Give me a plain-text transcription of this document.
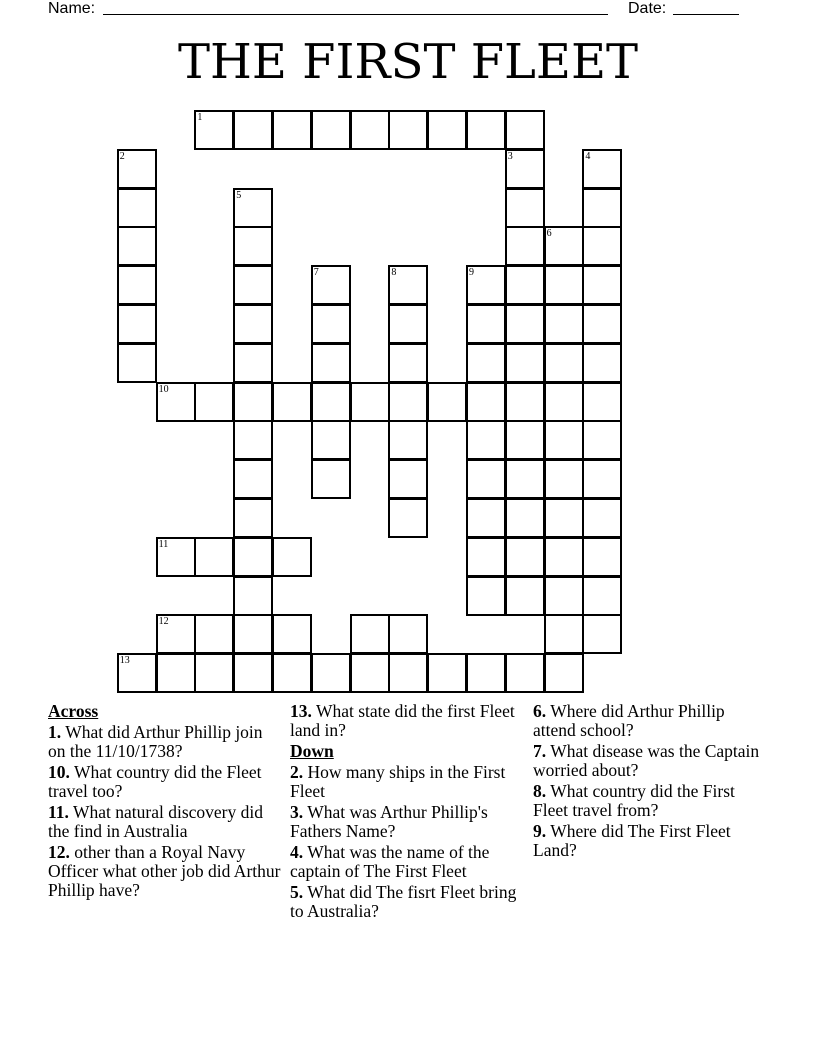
Name:	Date:
THE FIRST FLEET
1
2	3	4
6
5
7	8	9
10
11
12
13
Across
1. What did Arthur Phillip join on the 11/10/1738?
10. What country did the Fleet travel too?
11. What natural discovery did the find in Australia
12. other than a Royal Navy Officer what other job did Arthur Phillip have?
13. What state did the first Fleet land in?
Down
2. How many ships in the First Fleet
3. What was Arthur Phillip's Fathers Name?
4. What was the name of the captain of The First Fleet
5. What did The fisrt Fleet bring to Australia?
6. Where did Arthur Phillip attend school?
7. What disease was the Captain worried about?
8. What country did the First Fleet travel from?
9. Where did The First Fleet Land?
